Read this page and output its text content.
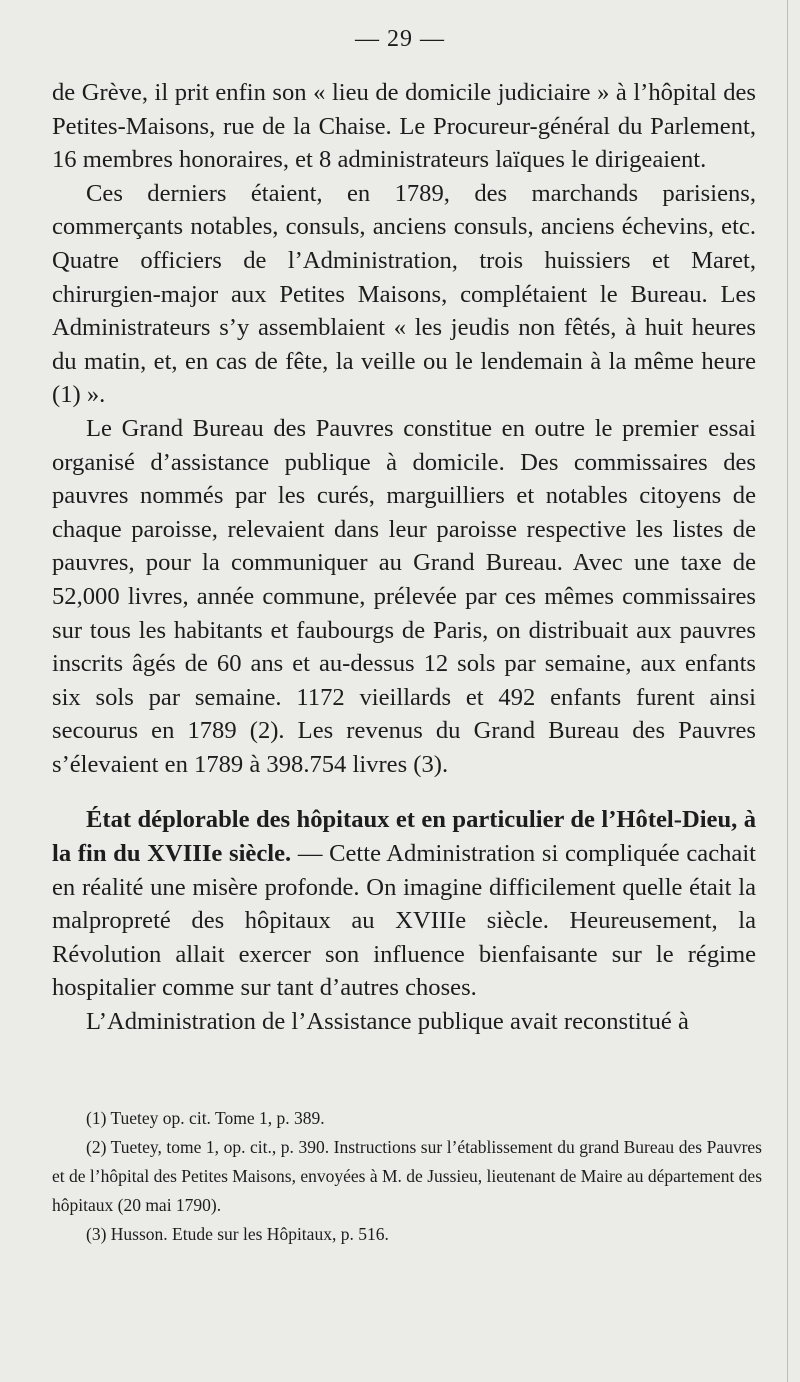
— 29 —

de Grève, il prit enfin son « lieu de domicile judiciaire » à l’hôpital des Petites-Maisons, rue de la Chaise. Le Procureur-général du Parlement, 16 membres honoraires, et 8 administrateurs laïques le dirigeaient.

Ces derniers étaient, en 1789, des marchands parisiens, commerçants notables, consuls, anciens consuls, anciens échevins, etc. Quatre officiers de l’Administration, trois huissiers et Maret, chirurgien-major aux Petites Maisons, complétaient le Bureau. Les Administrateurs s’y assemblaient « les jeudis non fêtés, à huit heures du matin, et, en cas de fête, la veille ou le lendemain à la même heure (1) ».

Le Grand Bureau des Pauvres constitue en outre le premier essai organisé d’assistance publique à domicile. Des commissaires des pauvres nommés par les curés, marguilliers et notables citoyens de chaque paroisse, relevaient dans leur paroisse respective les listes de pauvres, pour la communiquer au Grand Bureau. Avec une taxe de 52,000 livres, année commune, prélevée par ces mêmes commissaires sur tous les habitants et faubourgs de Paris, on distribuait aux pauvres inscrits âgés de 60 ans et au-dessus 12 sols par semaine, aux enfants six sols par semaine. 1172 vieillards et 492 enfants furent ainsi secourus en 1789 (2). Les revenus du Grand Bureau des Pauvres s’élevaient en 1789 à 398.754 livres (3).

État déplorable des hôpitaux et en particulier de l’Hôtel-Dieu, à la fin du XVIIIe siècle. — Cette Administration si compliquée cachait en réalité une misère profonde. On imagine difficilement quelle était la malpropreté des hôpitaux au XVIIIe siècle. Heureusement, la Révolution allait exercer son influence bienfaisante sur le régime hospitalier comme sur tant d’autres choses.

L’Administration de l’Assistance publique avait reconstitué à

(1) Tuetey op. cit. Tome 1, p. 389.

(2) Tuetey, tome 1, op. cit., p. 390. Instructions sur l’établissement du grand Bureau des Pauvres et de l’hôpital des Petites Maisons, envoyées à M. de Jussieu, lieutenant de Maire au département des hôpitaux (20 mai 1790).

(3) Husson. Etude sur les Hôpitaux, p. 516.
